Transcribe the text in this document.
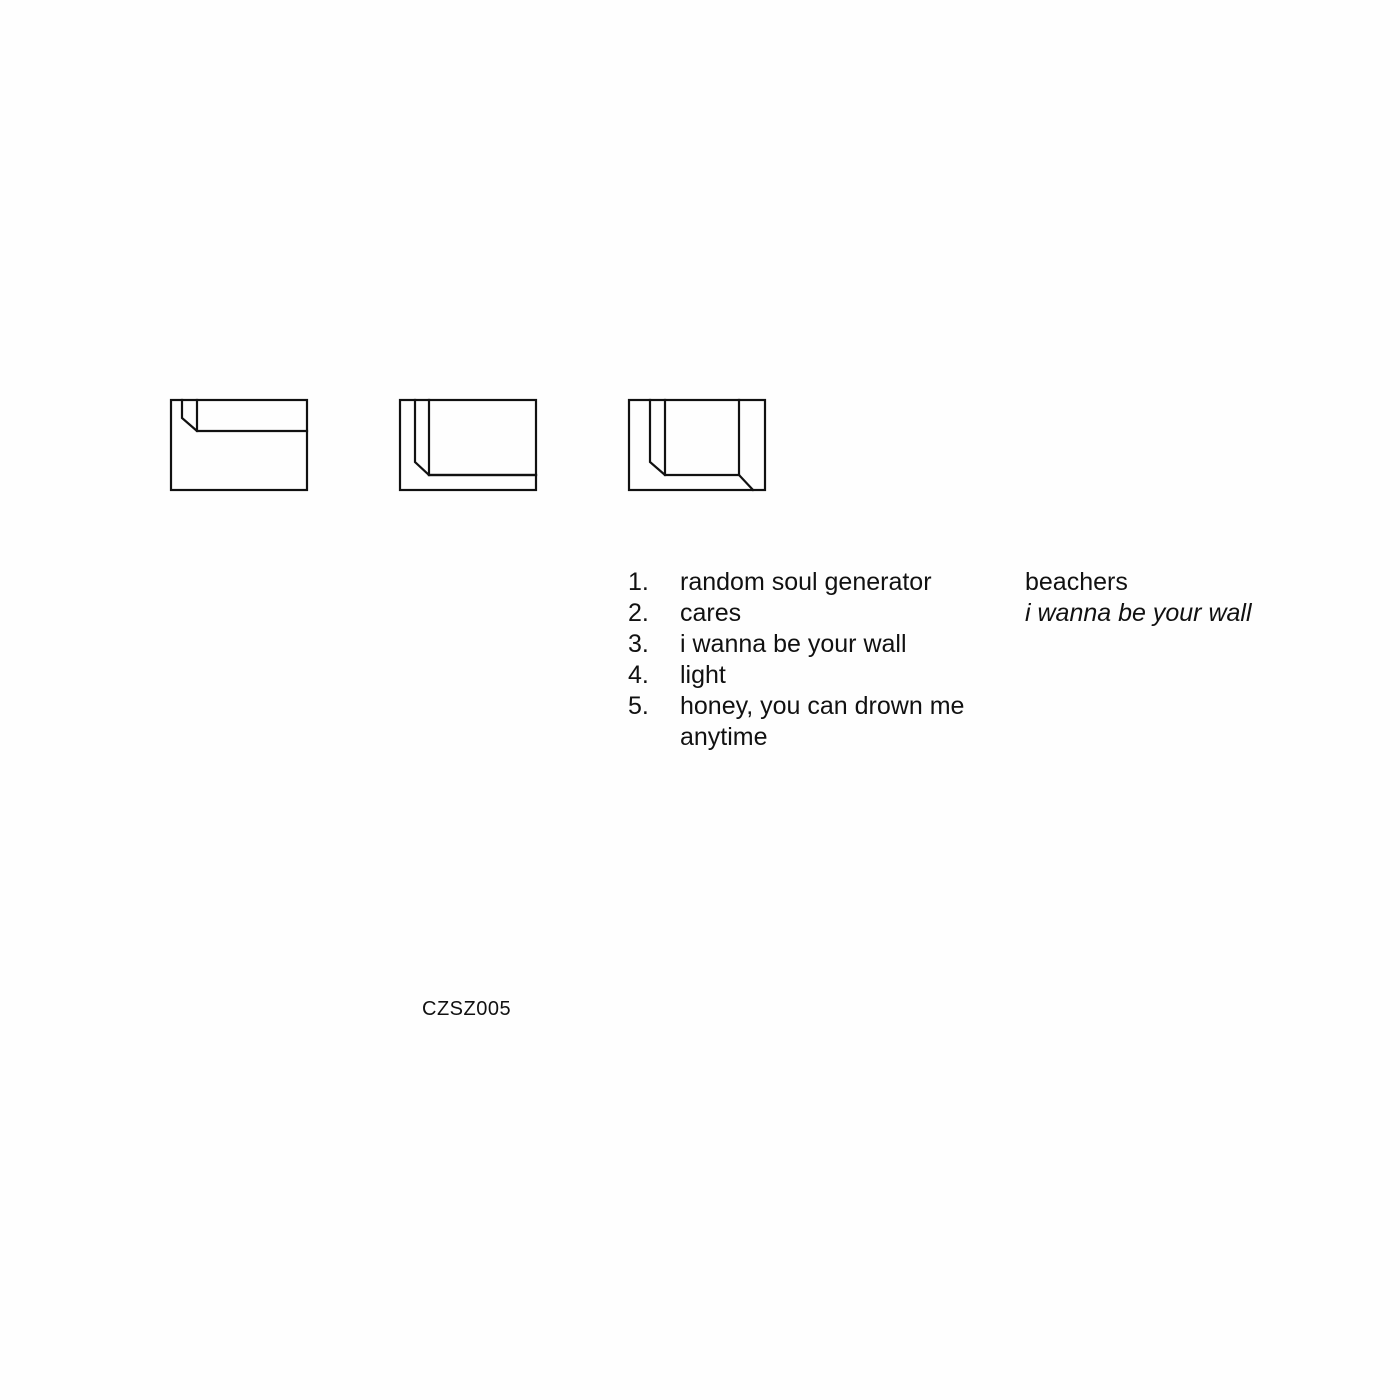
1.	random soul generator
2.	cares
3.	i wanna be your wall
4.	light
5.	honey, you can drown me anytime
beachers
i wanna be your wall
CZSZ005
